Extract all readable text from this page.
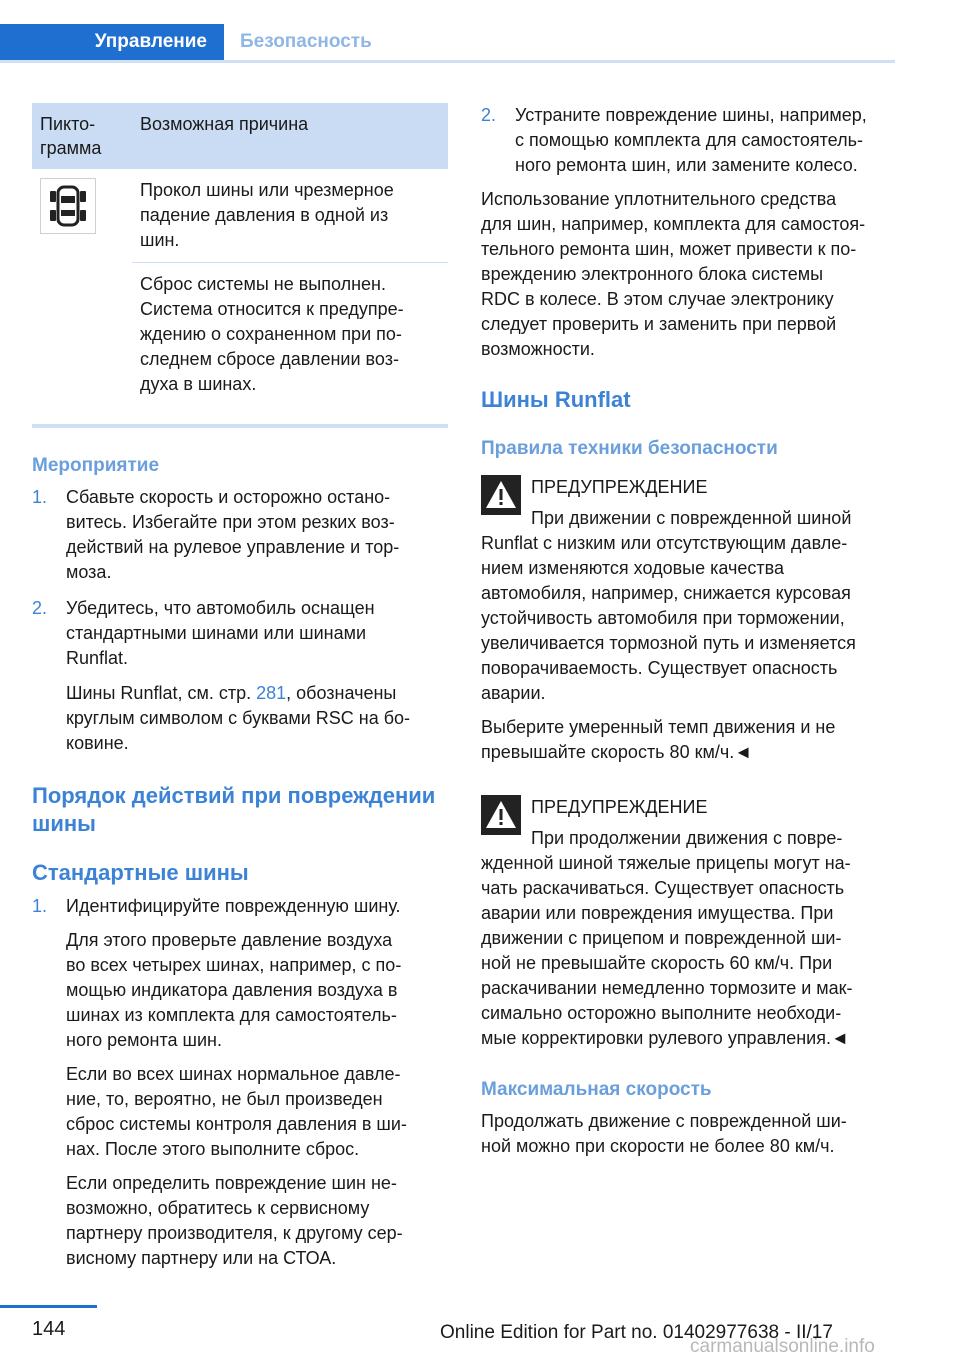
Управление	Безопасность
Пикто-
грамма	Возможная причина

	Прокол шины или чрезмерное
падение давления в одной из
шин.
	Сброс системы не выполнен.
Система относится к предупре-
ждению о сохраненном при по-
следнем сбросе давлении воз-
духа в шинах.
Мероприятие
1. Сбавьте скорость и осторожно остано-
витесь. Избегайте при этом резких воз-
действий на рулевое управление и тор-
моза.
2. Убедитесь, что автомобиль оснащен
стандартными шинами или шинами
Runflat.

Шины Runflat, см. стр. 281, обозначены
круглым символом с буквами RSC на бо-
ковине.

Порядок действий при повреждении
шины
Стандартные шины
1. Идентифицируйте поврежденную шину.

Для этого проверьте давление воздуха
во всех четырех шинах, например, с по-
мощью индикатора давления воздуха в
шинах из комплекта для самостоятель-
ного ремонта шин.

Если во всех шинах нормальное давле-
ние, то, вероятно, не был произведен
сброс системы контроля давления в ши-
нах. После этого выполните сброс.

Если определить повреждение шин не-
возможно, обратитесь к сервисному
партнеру производителя, к другому сер-
висному партнеру или на СТОА.

2. Устраните повреждение шины, например,
с помощью комплекта для самостоятель-
ного ремонта шин, или замените колесо.

Использование уплотнительного средства
для шин, например, комплекта для самостоя-
тельного ремонта шин, может привести к по-
вреждению электронного блока системы
RDC в колесе. В этом случае электронику
следует проверить и заменить при первой
возможности.

Шины Runflat
Правила техники безопасности

ПРЕДУПРЕЖДЕНИЕ

При движении с поврежденной шиной

Runflat с низким или отсутствующим давле-
нием изменяются ходовые качества
автомобиля, например, снижается курсовая
устойчивость автомобиля при торможении,
увеличивается тормозной путь и изменяется
поворачиваемость. Существует опасность
аварии.

Выберите умеренный темп движения и не
превышайте скорость 80 км/ч.◄

ПРЕДУПРЕЖДЕНИЕ

При продолжении движения с повре-

жденной шиной тяжелые прицепы могут на-
чать раскачиваться. Существует опасность
аварии или повреждения имущества. При
движении с прицепом и поврежденной ши-
ной не превышайте скорость 60 км/ч. При
раскачивании немедленно тормозите и мак-
симально осторожно выполните необходи-
мые корректировки рулевого управления.◄

Максимальная скорость

Продолжать движение с поврежденной ши-
ной можно при скорости не более 80 км/ч.

144	Online Edition for Part no. 01402977638 - II/17
carmanualsonline.info
